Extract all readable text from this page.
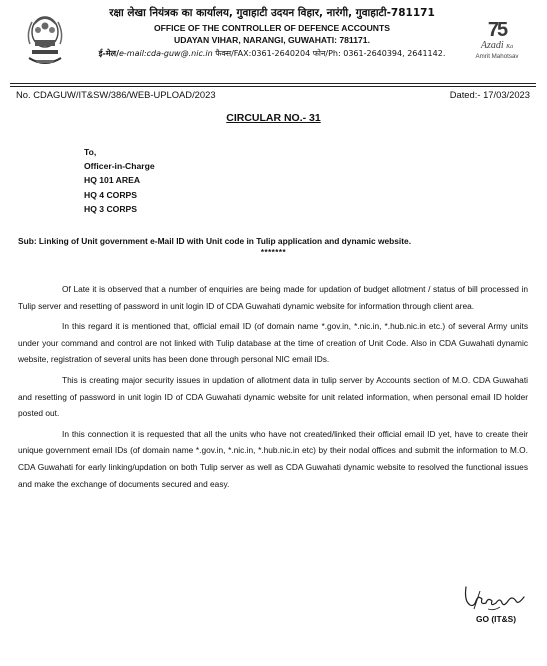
रक्षा लेखा नियंत्रक का कार्यालय, गुवाहाटी उदयन विहार, नारंगी, गुवाहाटी-781171
OFFICE OF THE CONTROLLER OF DEFENCE ACCOUNTS
UDAYAN VIHAR, NARANGI, GUWAHATI: 781171.
ई-मेल/e-mail:cda-guw@.nic.in फैक्स/FAX:0361-2640204 फोन/Ph: 0361-2640394, 2641142.
75
Azadi Ka
Amrit Mahotsav
No. CDAGUW/IT&SW/386/WEB-UPLOAD/2023	Dated:- 17/03/2023
CIRCULAR NO.- 31
To,
Officer-in-Charge
HQ 101 AREA
HQ 4 CORPS
HQ 3 CORPS
Sub: Linking of Unit government e-Mail ID with Unit code in Tulip application and dynamic website.
*******

Of Late it is observed that a number of enquiries are being made for updation of budget allotment / status of bill processed in Tulip server and resetting of password in unit login ID of CDA Guwahati dynamic website for information through client area.

In this regard it is mentioned that, official email ID (of domain name *.gov.in, *.nic.in, *.hub.nic.in etc.) of several Army units under your command and control are not linked with Tulip database at the time of creation of Unit Code. Also in CDA Guwahati dynamic website, registration of several units has been done through personal NIC email IDs.

This is creating major security issues in updation of allotment data in tulip server by Accounts section of M.O. CDA Guwahati and resetting of password in unit login ID of CDA Guwahati dynamic website for unit related information, when personal email ID holder posted out.

In this connection it is requested that all the units who have not created/linked their official email ID yet, have to create their unique government email IDs (of domain name *.gov.in, *.nic.in, *.hub.nic.in etc) by their nodal offices and submit the information to M.O. CDA Guwahati for early linking/updation on both Tulip server as well as CDA Guwahati dynamic website to resolved the functional issues and make the exchange of documents secured and easy.

GO (IT&S)
